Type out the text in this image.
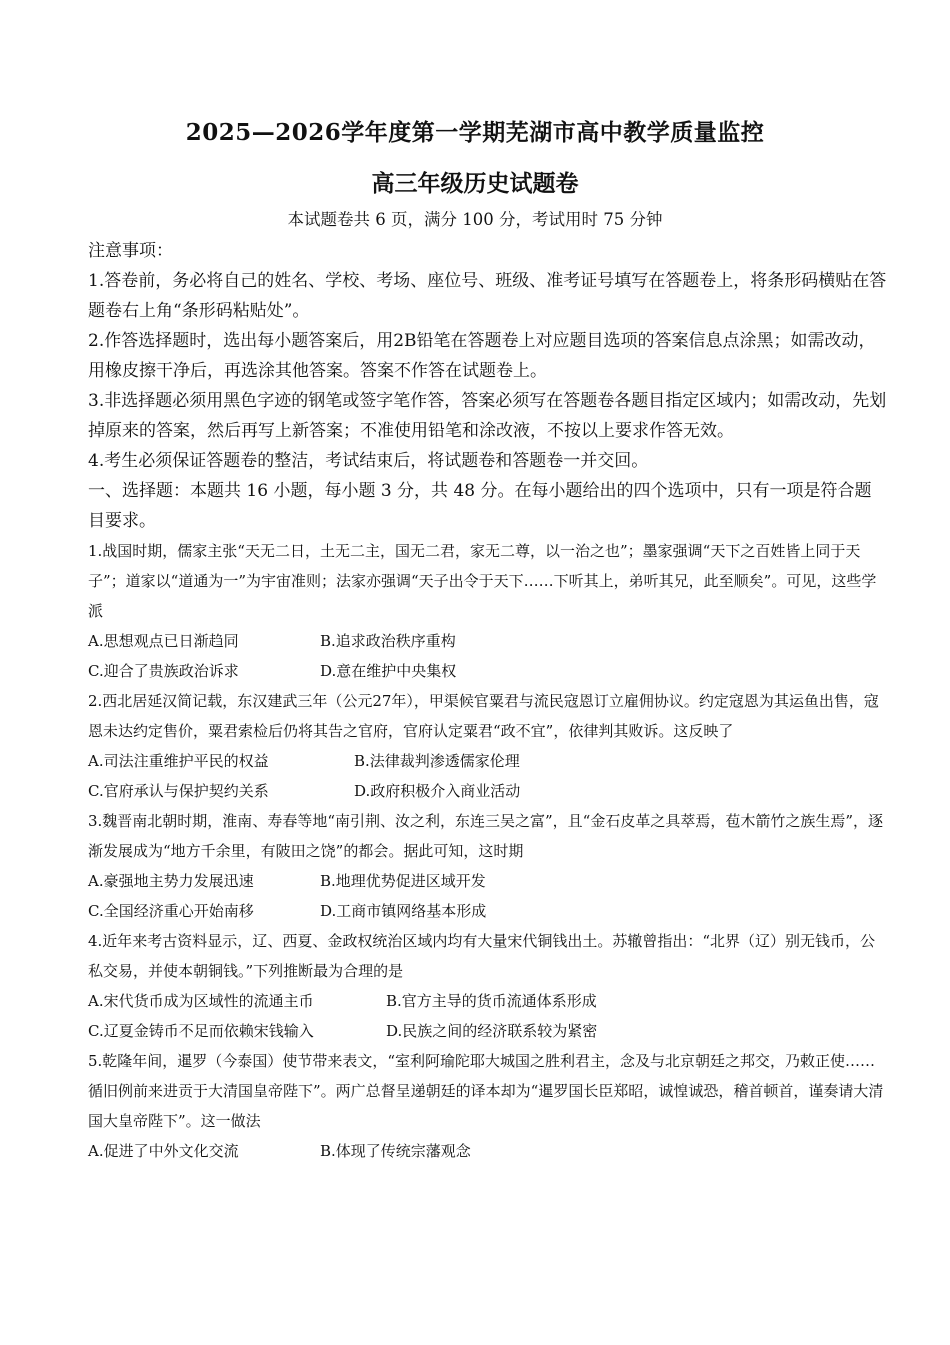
2025—2026学年度第一学期芜湖市高中教学质量监控
高三年级历史试题卷
本试题卷共 6 页，满分 100 分，考试用时 75 分钟
注意事项：
1.答卷前，务必将自己的姓名、学校、考场、座位号、班级、准考证号填写在答题卷上，将条形码横贴在答题卷右上角“条形码粘贴处”。
2.作答选择题时，选出每小题答案后，用2B铅笔在答题卷上对应题目选项的答案信息点涂黑；如需改动，用橡皮擦干净后，再选涂其他答案。答案不作答在试题卷上。
3.非选择题必须用黑色字迹的钢笔或签字笔作答，答案必须写在答题卷各题目指定区域内；如需改动，先划掉原来的答案，然后再写上新答案；不准使用铅笔和涂改液，不按以上要求作答无效。
4.考生必须保证答题卷的整洁，考试结束后，将试题卷和答题卷一并交回。
一、选择题：本题共 16 小题，每小题 3 分，共 48 分。在每小题给出的四个选项中，只有一项是符合题目要求。
1.战国时期，儒家主张“天无二日，土无二主，国无二君，家无二尊，以一治之也”；墨家强调“天下之百姓皆上同于天子”；道家以“道通为一”为宇宙准则；法家亦强调“天子出令于天下……下听其上，弟听其兄，此至顺矣”。可见，这些学派
A.思想观点已日渐趋同	B.追求政治秩序重构
C.迎合了贵族政治诉求	D.意在维护中央集权
2.西北居延汉简记载，东汉建武三年（公元27年），甲渠候官粟君与流民寇恩订立雇佣协议。约定寇恩为其运鱼出售，寇恩未达约定售价，粟君索检后仍将其告之官府，官府认定粟君“政不宜”，依律判其败诉。这反映了
A.司法注重维护平民的权益	B.法律裁判渗透儒家伦理
C.官府承认与保护契约关系	D.政府积极介入商业活动
3.魏晋南北朝时期，淮南、寿春等地“南引荆、汝之利，东连三吴之富”，且“金石皮革之具萃焉，苞木箭竹之族生焉”，逐渐发展成为“地方千余里，有陂田之饶”的都会。据此可知，这时期
A.豪强地主势力发展迅速	B.地理优势促进区域开发
C.全国经济重心开始南移	D.工商市镇网络基本形成
4.近年来考古资料显示，辽、西夏、金政权统治区域内均有大量宋代铜钱出土。苏辙曾指出：“北界（辽）别无钱币，公私交易，并使本朝铜钱。”下列推断最为合理的是
A.宋代货币成为区域性的流通主币	B.官方主导的货币流通体系形成
C.辽夏金铸币不足而依赖宋钱输入	D.民族之间的经济联系较为紧密
5.乾隆年间，暹罗（今泰国）使节带来表文，“室利阿瑜陀耶大城国之胜利君主，念及与北京朝廷之邦交，乃敕正使……循旧例前来进贡于大清国皇帝陛下”。两广总督呈递朝廷的译本却为“暹罗国长臣郑昭，诚惶诚恐，稽首顿首，谨奏请大清国大皇帝陛下”。这一做法
A.促进了中外文化交流	B.体现了传统宗藩观念
